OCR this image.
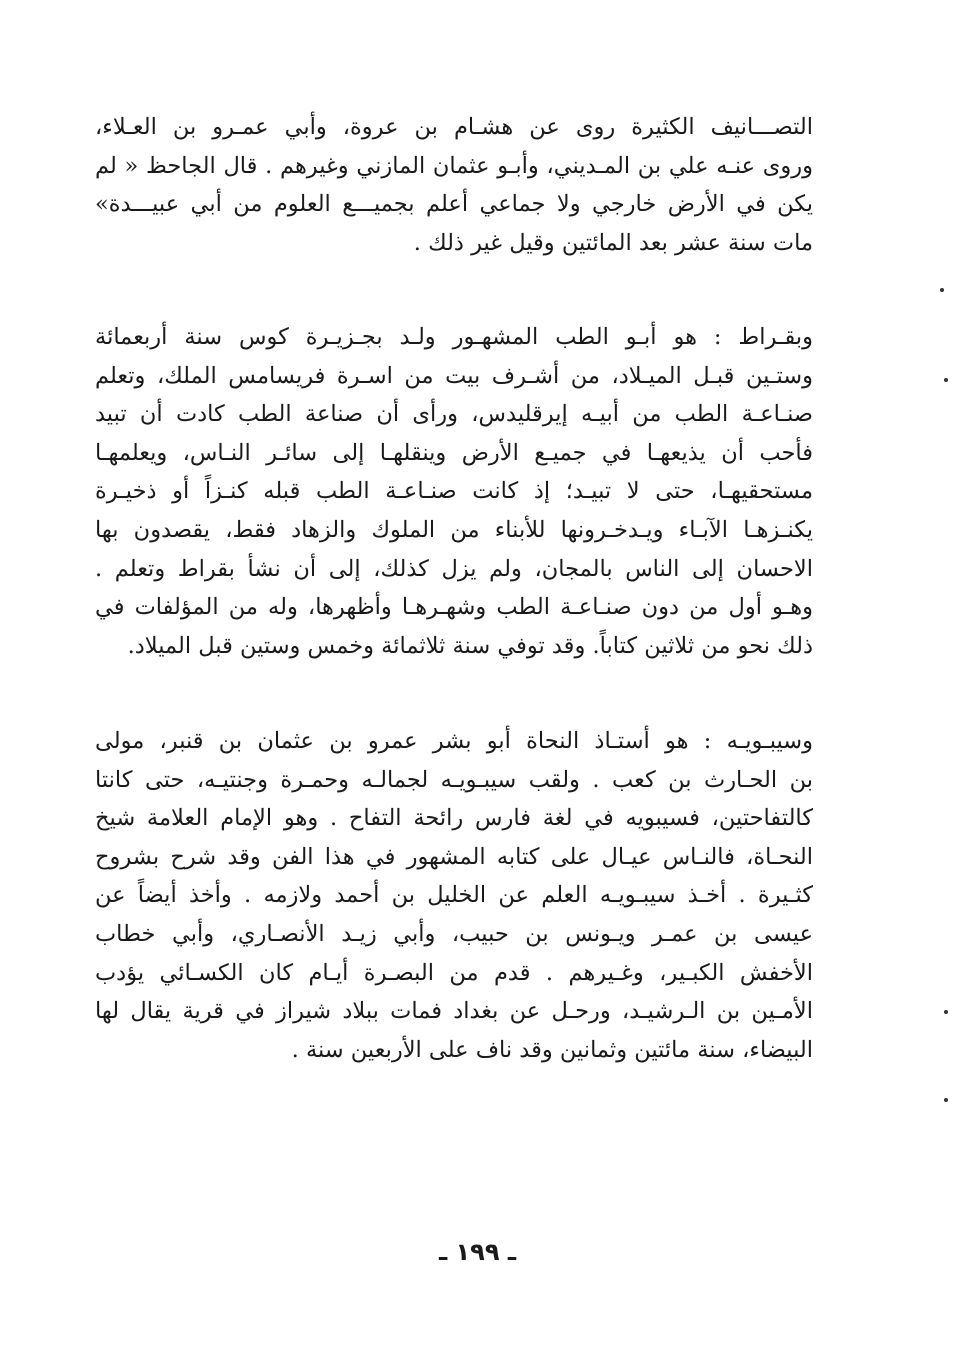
التصـــانيف الكثيرة روى عن هشـام بن عروة، وأبي عمـرو بن العـلاء،
وروى عنـه علي بن المـديني، وأبـو عثمان المازني وغيرهم . قال الجاحظ « لم
يكن في الأرض خارجي ولا جماعي أعلم بجميـــع العلوم من أبي عبيـــدة»
مات سنة عشر بعد المائتين وقيل غير ذلك .
وبقـراط : هو أبـو الطب المشهـور ولـد بجـزيـرة كوس سنة أربعمائة
وستـين قبـل الميـلاد، من أشـرف بيت من اسـرة فريسامس الملك، وتعلم
صنـاعـة الطب من أبيـه إيرقليدس، ورأى أن صناعة الطب كادت أن تبيد
فأحب أن يذيعهـا في جميـع الأرض وينقلهـا إلى سائـر النـاس، ويعلمهـا
مستحقيهـا، حتى لا تبيـد؛ إذ كانت صنـاعـة الطب قبله كنـزاً أو ذخيـرة
يكنـزهـا الآبـاء ويـدخـرونها للأبناء من الملوك والزهاد فقط، يقصدون بها
الاحسان إلى الناس بالمجان، ولم يزل كذلك، إلى أن نشأ بقراط وتعلم .
وهـو أول من دون صنـاعـة الطب وشهـرهـا وأظهرها، وله من المؤلفات في
ذلك نحو من ثلاثين كتاباً. وقد توفي سنة ثلاثمائة وخمس وستين قبل الميلاد.
وسيبـويـه : هو أستـاذ النحاة أبو بشر عمرو بن عثمان بن قنبر، مولى
بن الحـارث بن كعب . ولقب سيبـويـه لجمالـه وحمـرة وجنتيـه، حتى كانتا
كالتفاحتين، فسيبويه في لغة فارس رائحة التفاح . وهو الإمام العلامة شيخ
النحـاة، فالنـاس عيـال على كتابه المشهور في هذا الفن وقد شرح بشروح
كثـيرة . أخـذ سيبـويـه العلم عن الخليل بن أحمد ولازمه . وأخذ أيضاً عن
عيسى بن عمـر ويـونس بن حبيب، وأبي زيـد الأنصـاري، وأبي خطاب
الأخفش الكبـير، وغـيرهم . قدم من البصـرة أيـام كان الكسـائي يؤدب
الأمـين بن الـرشيـد، ورحـل عن بغداد فمات ببلاد شيراز في قرية يقال لها
البيضاء، سنة مائتين وثمانين وقد ناف على الأربعين سنة .
ـ ١٩٩ ـ
